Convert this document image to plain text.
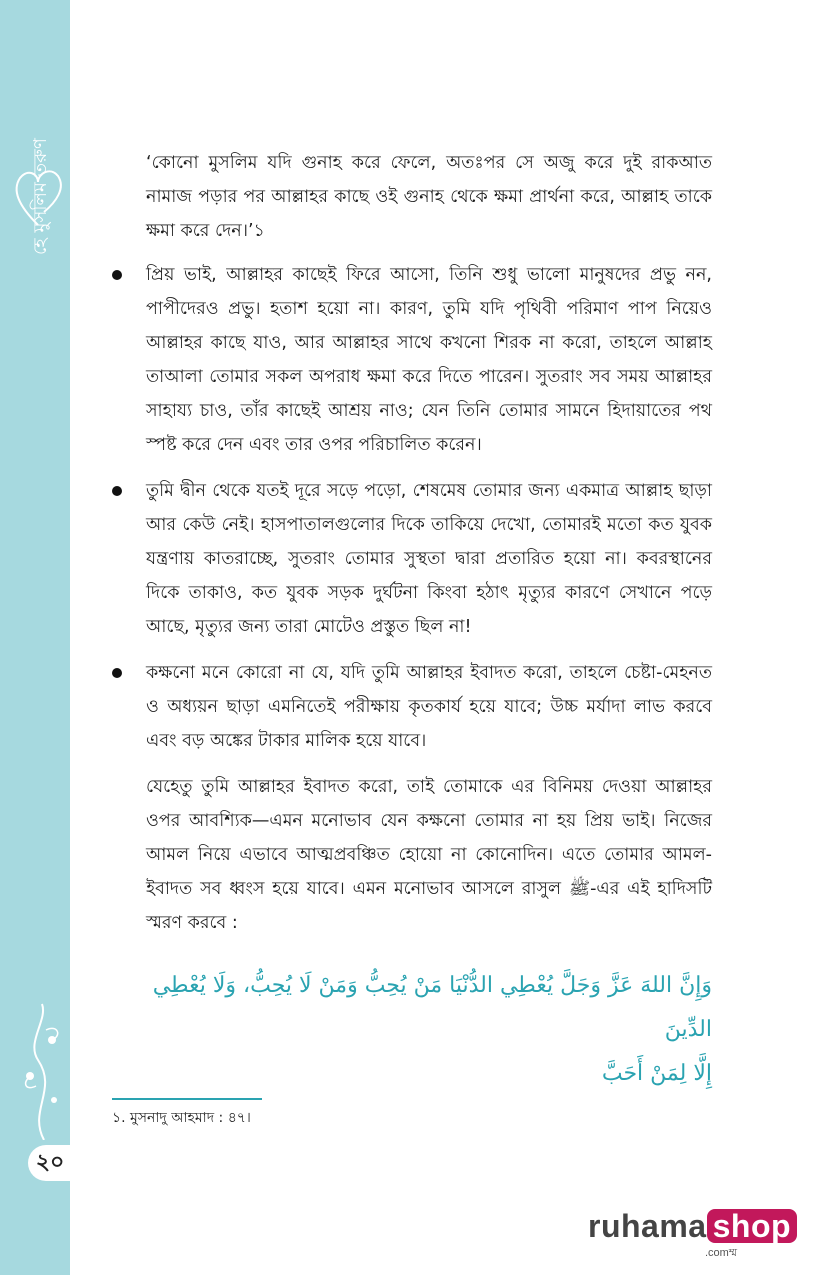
হে মুসলিম তরুণ
২০

‘কোনো মুসলিম যদি গুনাহ করে ফেলে, অতঃপর সে অজু করে দুই রাকআত নামাজ পড়ার পর আল্লাহর কাছে ওই গুনাহ থেকে ক্ষমা প্রার্থনা করে, আল্লাহ তাকে ক্ষমা করে দেন।’১

প্রিয় ভাই, আল্লাহর কাছেই ফিরে আসো, তিনি শুধু ভালো মানুষদের প্রভু নন, পাপীদেরও প্রভু। হতাশ হয়ো না। কারণ, তুমি যদি পৃথিবী পরিমাণ পাপ নিয়েও আল্লাহর কাছে যাও, আর আল্লাহর সাথে কখনো শিরক না করো, তাহলে আল্লাহ তাআলা তোমার সকল অপরাধ ক্ষমা করে দিতে পারেন। সুতরাং সব সময় আল্লাহর সাহায্য চাও, তাঁর কাছেই আশ্রয় নাও; যেন তিনি তোমার সামনে হিদায়াতের পথ স্পষ্ট করে দেন এবং তার ওপর পরিচালিত করেন।
তুমি দ্বীন থেকে যতই দূরে সড়ে পড়ো, শেষমেষ তোমার জন্য একমাত্র আল্লাহ ছাড়া আর কেউ নেই। হাসপাতালগুলোর দিকে তাকিয়ে দেখো, তোমারই মতো কত যুবক যন্ত্রণায় কাতরাচ্ছে, সুতরাং তোমার সুস্থতা দ্বারা প্রতারিত হয়ো না। কবরস্থানের দিকে তাকাও, কত যুবক সড়ক দুর্ঘটনা কিংবা হঠাৎ মৃত্যুর কারণে সেখানে পড়ে আছে, মৃত্যুর জন্য তারা মোটেও প্রস্তুত ছিল না!
কক্ষনো মনে কোরো না যে, যদি তুমি আল্লাহর ইবাদত করো, তাহলে চেষ্টা-মেহনত ও অধ্যয়ন ছাড়া এমনিতেই পরীক্ষায় কৃতকার্য হয়ে যাবে; উচ্চ মর্যাদা লাভ করবে এবং বড় অঙ্কের টাকার মালিক হয়ে যাবে।

যেহেতু তুমি আল্লাহর ইবাদত করো, তাই তোমাকে এর বিনিময় দেওয়া আল্লাহর ওপর আবশ্যিক—এমন মনোভাব যেন কক্ষনো তোমার না হয় প্রিয় ভাই। নিজের আমল নিয়ে এভাবে আত্মপ্রবঞ্চিত হোয়ো না কোনোদিন। এতে তোমার আমল-ইবাদত সব ধ্বংস হয়ে যাবে। এমন মনোভাব আসলে রাসুল ﷺ-এর এই হাদিসটি স্মরণ করবে :

وَإِنَّ اللهَ عَزَّ وَجَلَّ يُعْطِي الدُّنْيَا مَنْ يُحِبُّ وَمَنْ لَا يُحِبُّ، وَلَا يُعْطِي الدِّينَ
إِلَّا لِمَنْ أَحَبَّ
১. মুসনাদু আহমাদ : ৪৭।
ruhama shop
.comম্ম
